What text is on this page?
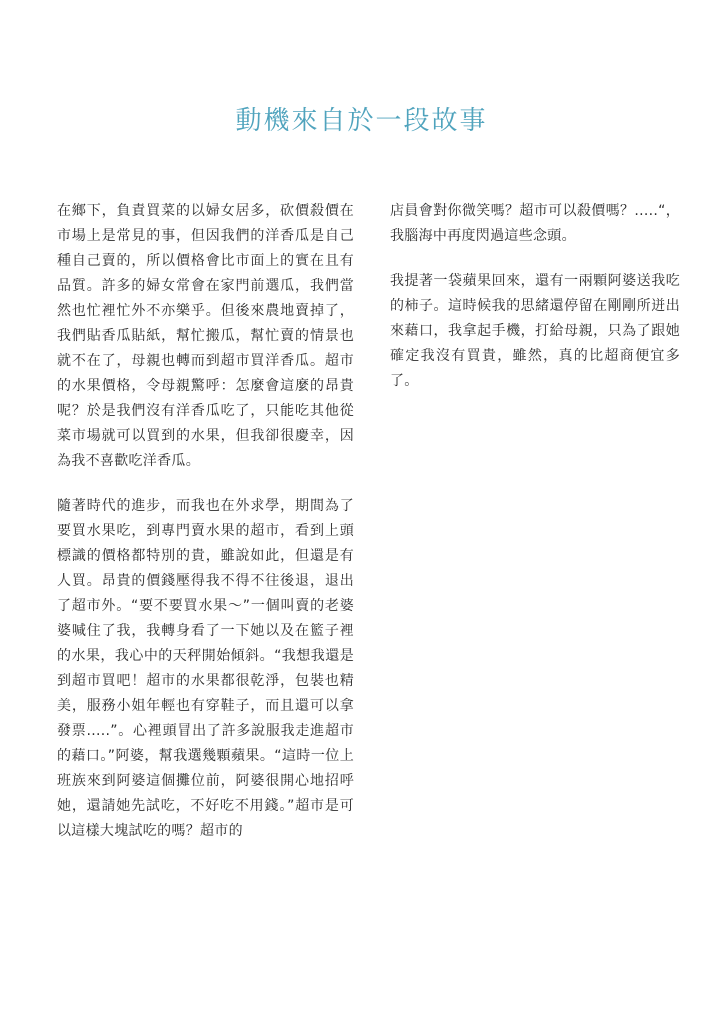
動機來自於一段故事

在鄉下，負責買菜的以婦女居多，砍價殺價在市場上是常見的事，但因我們的洋香瓜是自己種自己賣的，所以價格會比市面上的實在且有品質。許多的婦女常會在家門前選瓜，我們當然也忙裡忙外不亦樂乎。但後來農地賣掉了，我們貼香瓜貼紙，幫忙搬瓜，幫忙賣的情景也就不在了，母親也轉而到超市買洋香瓜。超市的水果價格，令母親驚呼：怎麼會這麼的昂貴呢？於是我們沒有洋香瓜吃了，只能吃其他從菜市場就可以買到的水果，但我卻很慶幸，因為我不喜歡吃洋香瓜。

隨著時代的進步，而我也在外求學，期間為了要買水果吃，到專門賣水果的超市，看到上頭標識的價格都特別的貴，雖說如此，但還是有人買。昂貴的價錢壓得我不得不往後退，退出了超市外。“要不要買水果～”一個叫賣的老婆婆喊住了我，我轉身看了一下她以及在籃子裡的水果，我心中的天秤開始傾斜。“我想我還是到超市買吧！超市的水果都很乾淨，包裝也精美，服務小姐年輕也有穿鞋子，而且還可以拿發票.....”。心裡頭冒出了許多說服我走進超市的藉口。”阿婆，幫我選幾顆蘋果。“這時一位上班族來到阿婆這個攤位前，阿婆很開心地招呼她，還請她先試吃，不好吃不用錢。”超市是可以這樣大塊試吃的嗎？超市的

店員會對你微笑嗎？超市可以殺價嗎？.....“，我腦海中再度閃過這些念頭。

我提著一袋蘋果回來，還有一兩顆阿婆送我吃的柿子。這時候我的思緒還停留在剛剛所迸出來藉口，我拿起手機，打給母親，只為了跟她確定我沒有買貴，雖然，真的比超商便宜多了。
